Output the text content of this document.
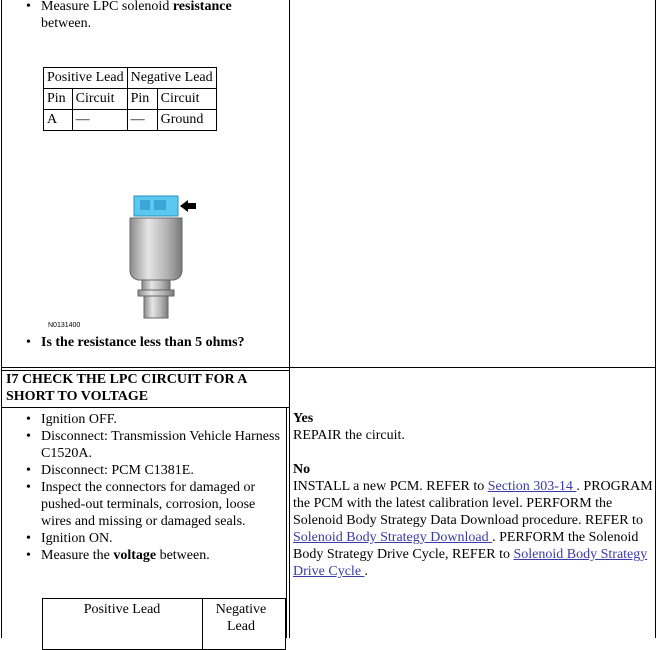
• Measure LPC solenoid resistance between.
Positive Lead		Negative Lead	
Pin	Circuit	Pin	Circuit
A	—	—	Ground
N0131400
• Is the resistance less than 5 ohms?
I7 CHECK THE LPC CIRCUIT FOR A SHORT TO VOLTAGE
• Ignition OFF.
• Disconnect: Transmission Vehicle Harness C1520A.
• Disconnect: PCM C1381E.
• Inspect the connectors for damaged or pushed-out terminals, corrosion, loose wires and missing or damaged seals.
• Ignition ON.
• Measure the voltage between.
Positive Lead	Negative Lead

Yes

REPAIR the circuit.

No

INSTALL a new PCM. REFER to Section 303-14 . PROGRAM the PCM with the latest calibration level. PERFORM the Solenoid Body Strategy Data Download procedure. REFER to Solenoid Body Strategy Download . PERFORM the Solenoid Body Strategy Drive Cycle, REFER to Solenoid Body Strategy Drive Cycle .
